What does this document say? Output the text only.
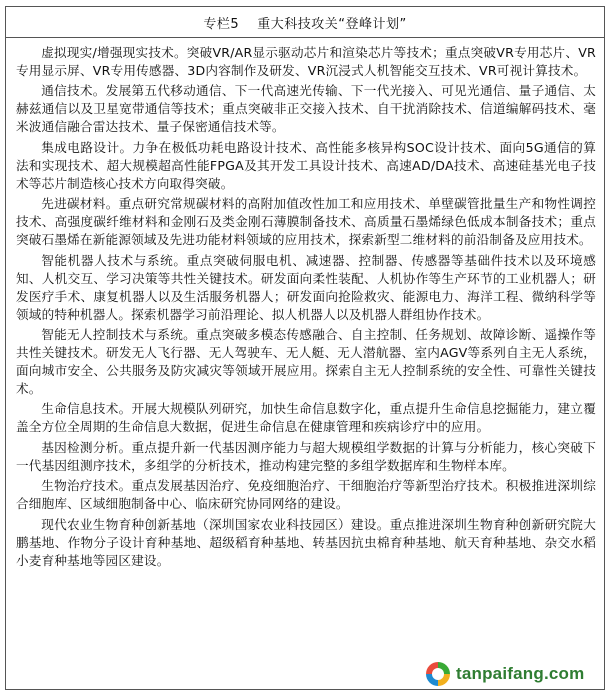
专栏5　 重大科技攻关“登峰计划”

虚拟现实/增强现实技术。突破VR/AR显示驱动芯片和渲染芯片等技术；重点突破VR专用芯片、VR专用显示屏、VR专用传感器、3D内容制作及研发、VR沉浸式人机智能交互技术、VR可视计算技术。

通信技术。发展第五代移动通信、下一代高速光传输、下一代光接入、可见光通信、量子通信、太赫兹通信以及卫星宽带通信等技术；重点突破非正交接入技术、自干扰消除技术、信道编解码技术、毫米波通信融合雷达技术、量子保密通信技术等。

集成电路设计。力争在极低功耗电路设计技术、高性能多核异构SOC设计技术、面向5G通信的算法和实现技术、超大规模超高性能FPGA及其开发工具设计技术、高速AD/DA技术、高速硅基光电子技术等芯片制造核心技术方向取得突破。

先进碳材料。重点研究常规碳材料的高附加值改性加工和应用技术、单壁碳管批量生产和物性调控技术、高强度碳纤维材料和金刚石及类金刚石薄膜制备技术、高质量石墨烯绿色低成本制备技术；重点突破石墨烯在新能源领域及先进功能材料领域的应用技术，探索新型二维材料的前沿制备及应用技术。

智能机器人技术与系统。重点突破伺服电机、减速器、控制器、传感器等基础件技术以及环境感知、人机交互、学习决策等共性关键技术。研发面向柔性装配、人机协作等生产环节的工业机器人；研发医疗手术、康复机器人以及生活服务机器人；研发面向抢险救灾、能源电力、海洋工程、微纳科学等领域的特种机器人。探索机器学习前沿理论、拟人机器人以及机器人群组协作技术。

智能无人控制技术与系统。重点突破多模态传感融合、自主控制、任务规划、故障诊断、遥操作等共性关键技术。研发无人飞行器、无人驾驶车、无人艇、无人潜航器、室内AGV等系列自主无人系统，面向城市安全、公共服务及防灾减灾等领域开展应用。探索自主无人控制系统的安全性、可靠性关键技术。

生命信息技术。开展大规模队列研究，加快生命信息数字化，重点提升生命信息挖掘能力，建立覆盖全方位全周期的生命信息大数据，促进生命信息在健康管理和疾病诊疗中的应用。

基因检测分析。重点提升新一代基因测序能力与超大规模组学数据的计算与分析能力，核心突破下一代基因组测序技术，多组学的分析技术，推动构建完整的多组学数据库和生物样本库。

生物治疗技术。重点发展基因治疗、免疫细胞治疗、干细胞治疗等新型治疗技术。积极推进深圳综合细胞库、区域细胞制备中心、临床研究协同网络的建设。

现代农业生物育种创新基地（深圳国家农业科技园区）建设。重点推进深圳生物育种创新研究院大鹏基地、作物分子设计育种基地、超级稻育种基地、转基因抗虫棉育种基地、航天育种基地、杂交水稻小麦育种基地等园区建设。

tanpaifang.com
